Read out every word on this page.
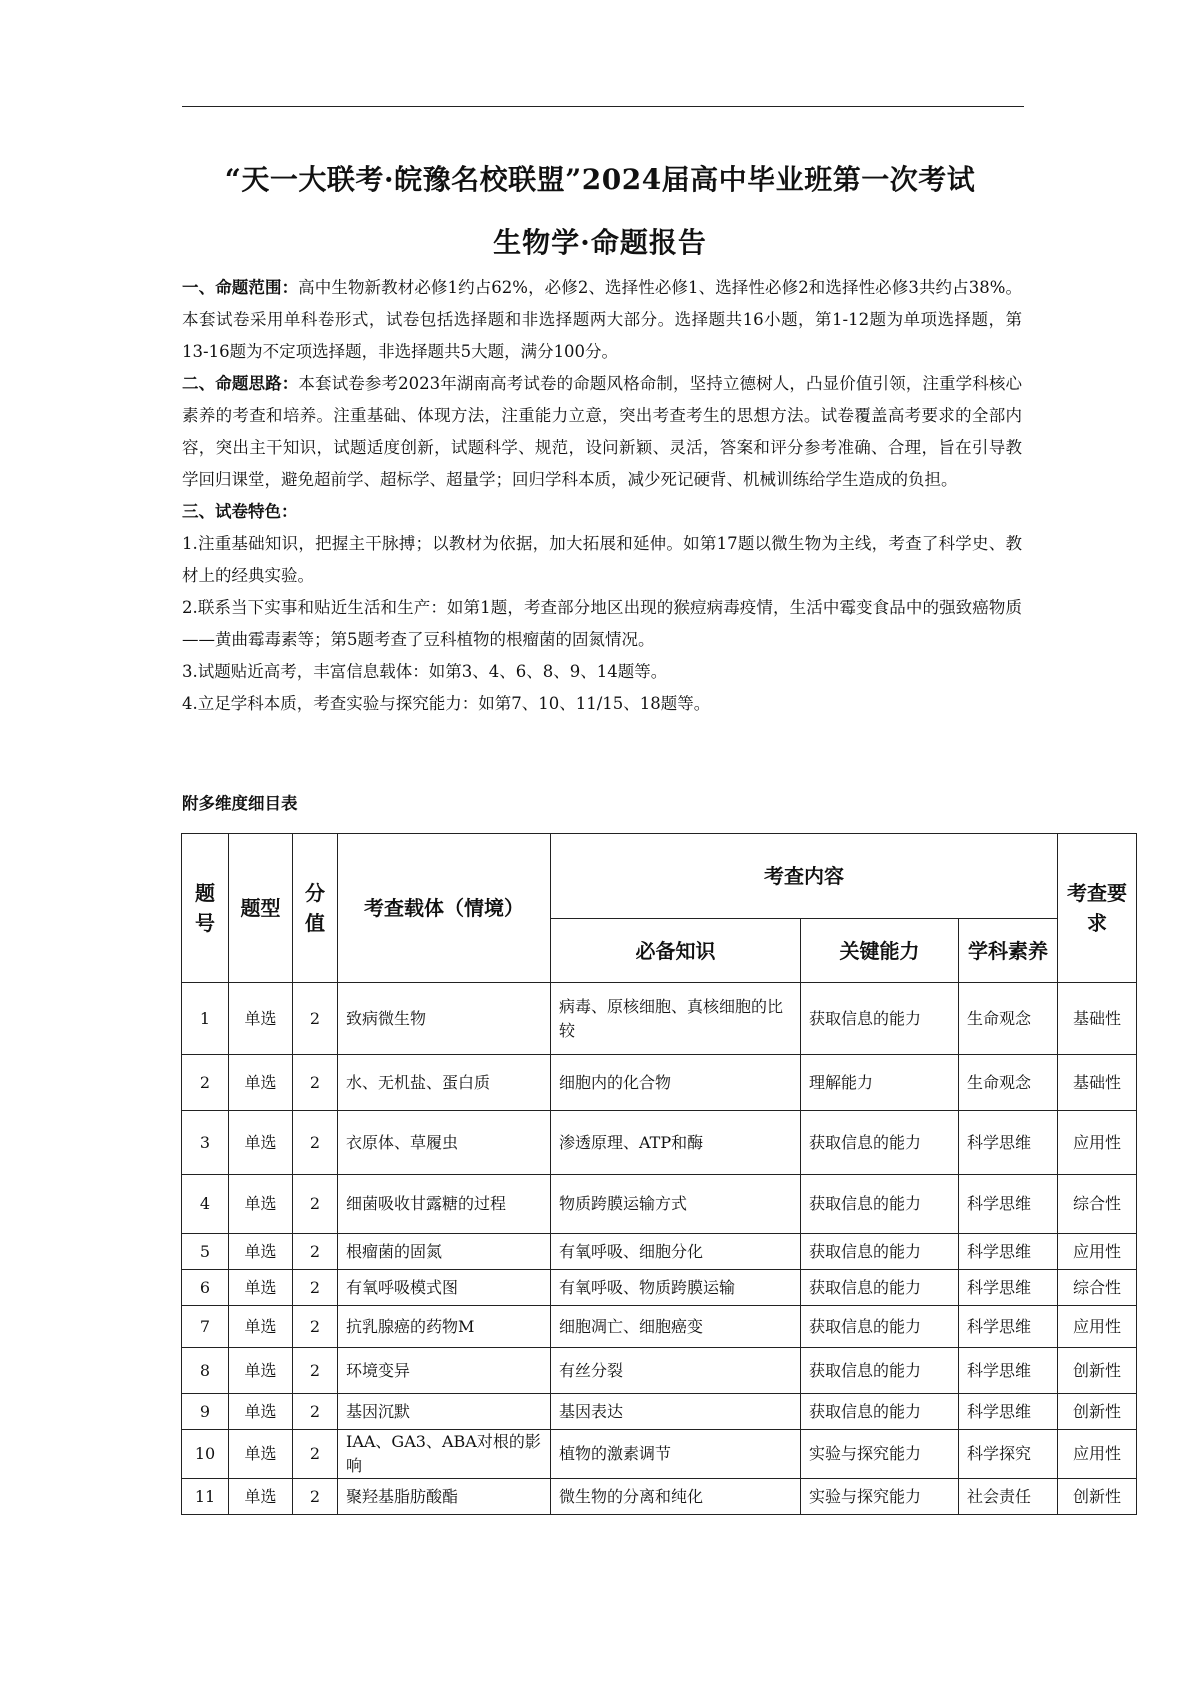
“天一大联考·皖豫名校联盟”2024届高中毕业班第一次考试
生物学·命题报告

一、命题范围：高中生物新教材必修1约占62%，必修2、选择性必修1、选择性必修2和选择性必修3共约占38%。本套试卷采用单科卷形式，试卷包括选择题和非选择题两大部分。选择题共16小题，第1-12题为单项选择题，第13-16题为不定项选择题，非选择题共5大题，满分100分。

二、命题思路：本套试卷参考2023年湖南高考试卷的命题风格命制，坚持立德树人，凸显价值引领，注重学科核心素养的考查和培养。注重基础、体现方法，注重能力立意，突出考查考生的思想方法。试卷覆盖高考要求的全部内容，突出主干知识，试题适度创新，试题科学、规范，设问新颖、灵活，答案和评分参考准确、合理，旨在引导教学回归课堂，避免超前学、超标学、超量学；回归学科本质，减少死记硬背、机械训练给学生造成的负担。

三、试卷特色：

1.注重基础知识，把握主干脉搏；以教材为依据，加大拓展和延伸。如第17题以微生物为主线，考查了科学史、教材上的经典实验。

2.联系当下实事和贴近生活和生产：如第1题，考查部分地区出现的猴痘病毒疫情，生活中霉变食品中的强致癌物质——黄曲霉毒素等；第5题考查了豆科植物的根瘤菌的固氮情况。

3.试题贴近高考，丰富信息载体：如第3、4、6、8、9、14题等。

4.立足学科本质，考查实验与探究能力：如第7、10、11/15、18题等。

附多维度细目表
题号	题型	分值	考查载体（情境）	考查内容			考查要求
				必备知识	关键能力	学科素养	
1	单选	2	致病微生物	病毒、原核细胞、真核细胞的比较	获取信息的能力	生命观念	基础性
2	单选	2	水、无机盐、蛋白质	细胞内的化合物	理解能力	生命观念	基础性
3	单选	2	衣原体、草履虫	渗透原理、ATP和酶	获取信息的能力	科学思维	应用性
4	单选	2	细菌吸收甘露糖的过程	物质跨膜运输方式	获取信息的能力	科学思维	综合性
5	单选	2	根瘤菌的固氮	有氧呼吸、细胞分化	获取信息的能力	科学思维	应用性
6	单选	2	有氧呼吸模式图	有氧呼吸、物质跨膜运输	获取信息的能力	科学思维	综合性
7	单选	2	抗乳腺癌的药物M	细胞凋亡、细胞癌变	获取信息的能力	科学思维	应用性
8	单选	2	环境变异	有丝分裂	获取信息的能力	科学思维	创新性
9	单选	2	基因沉默	基因表达	获取信息的能力	科学思维	创新性
10	单选	2	IAA、GA3、ABA对根的影响	植物的激素调节	实验与探究能力	科学探究	应用性
11	单选	2	聚羟基脂肪酸酯	微生物的分离和纯化	实验与探究能力	社会责任	创新性
